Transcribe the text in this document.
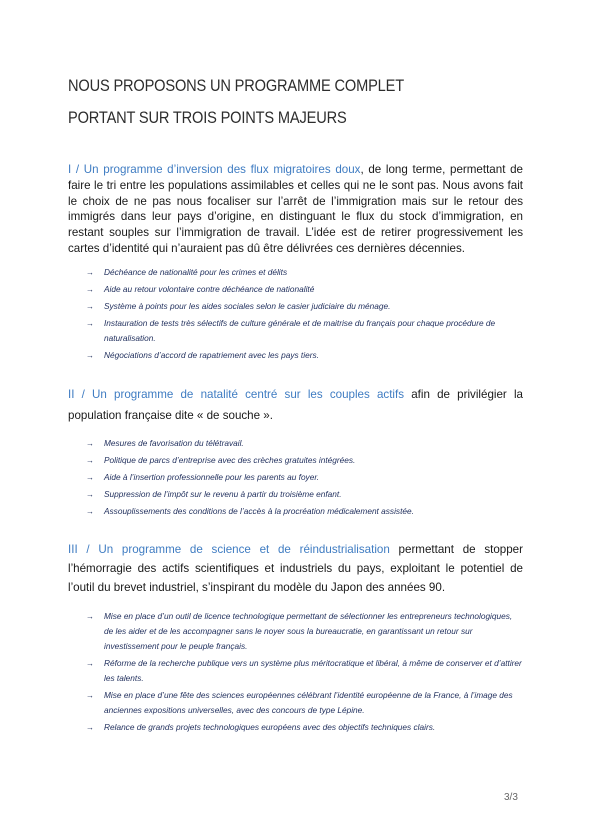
NOUS PROPOSONS UN PROGRAMME COMPLET
PORTANT SUR TROIS POINTS MAJEURS

I / Un programme d’inversion des flux migratoires doux, de long terme, permettant de faire le tri entre les populations assimilables et celles qui ne le sont pas. Nous avons fait le choix de ne pas nous focaliser sur l’arrêt de l’immigration mais sur le retour des immigrés dans leur pays d’origine, en distinguant le flux du stock d’immigration, en restant souples sur l’immigration de travail. L’idée est de retirer progressivement les cartes d’identité qui n’auraient pas dû être délivrées ces dernières décennies.

→ Déchéance de nationalité pour les crimes et délits
→ Aide au retour volontaire contre déchéance de nationalité
→ Système à points pour les aides sociales selon le casier judiciaire du ménage.
→ Instauration de tests très sélectifs de culture générale et de maitrise du français pour chaque procédure de naturalisation.
→ Négociations d’accord de rapatriement avec les pays tiers.

II / Un programme de natalité centré sur les couples actifs afin de privilégier la population française dite « de souche ».

→ Mesures de favorisation du télétravail.
→ Politique de parcs d’entreprise avec des crèches gratuites intégrées.
→ Aide à l’insertion professionnelle pour les parents au foyer.
→ Suppression de l’impôt sur le revenu à partir du troisième enfant.
→ Assouplissements des conditions de l’accès à la procréation médicalement assistée.

III / Un programme de science et de réindustrialisation permettant de stopper l’hémorragie des actifs scientifiques et industriels du pays, exploitant le potentiel de l’outil du brevet industriel, s’inspirant du modèle du Japon des années 90.

→ Mise en place d’un outil de licence technologique permettant de sélectionner les entrepreneurs technologiques, de les aider et de les accompagner sans le noyer sous la bureaucratie, en garantissant un retour sur investissement pour le peuple français.
→ Réforme de la recherche publique vers un système plus méritocratique et libéral, à même de conserver et d’attirer les talents.
→ Mise en place d’une fête des sciences européennes célébrant l’identité européenne de la France, à l’image des anciennes expositions universelles, avec des concours de type Lépine.
→ Relance de grands projets technologiques européens avec des objectifs techniques clairs.
3/3
